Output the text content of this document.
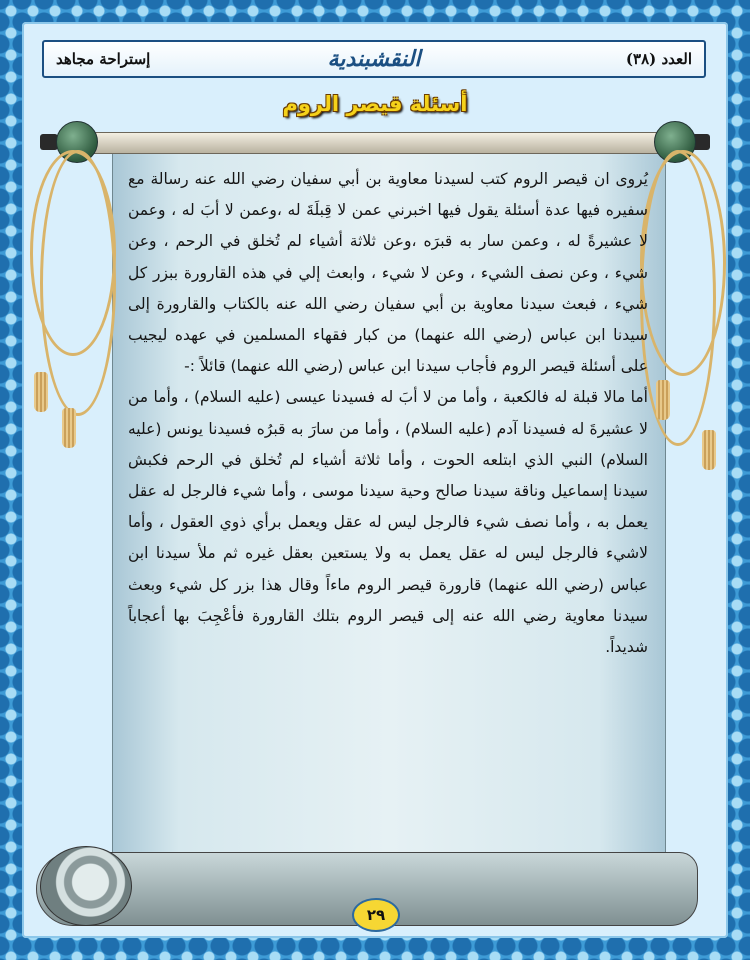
إستراحة مجاهد	النقشبندية	العدد (٣٨)
أسئلة قيصر الروم

يُروى ان قيصر الروم كتب لسيدنا معاوية بن أبي سفيان رضي الله عنه رسالة مع سفيره فيها عدة أسئلة يقول فيها اخبرني عمن لا قِبلَةَ له ،وعمن لا أبَ له ، وعمن لا عشيرةً له ، وعمن سار به قبرَه ،وعن ثلاثة أشياء لم تُخلق في الرحم ، وعن شيء ، وعن نصف الشيء ، وعن لا شيء ، وابعث إلي في هذه القارورة ببزر كل شيء ، فبعث سيدنا معاوية بن أبي سفيان رضي الله عنه بالكتاب والقارورة إلى سيدنا ابن عباس (رضي الله عنهما) من كبار فقهاء المسلمين في عهده ليجيب على أسئلة قيصر الروم فأجاب سيدنا ابن عباس (رضي الله عنهما) قائلاً :-

أما مالا قبلة له فالكعبة ، وأما من لا أبَ له فسيدنا عيسى (عليه السلام) ، وأما من لا عشيرةَ له فسيدنا آدم (عليه السلام) ، وأما من سارَ به قبرُه فسيدنا يونس (عليه السلام) النبي الذي ابتلعه الحوت ، وأما ثلاثة أشياء لم تُخلق في الرحم فكبش سيدنا إسماعيل وناقة سيدنا صالح وحية سيدنا موسى ، وأما شيء فالرجل له عقل يعمل به ، وأما نصف شيء فالرجل ليس له عقل ويعمل برأي ذوي العقول ، وأما لاشيء فالرجل ليس له عقل يعمل به ولا يستعين بعقل غيره ثم ملأ سيدنا ابن عباس (رضي الله عنهما) قارورة قيصر الروم ماءاً وقال هذا بزر كل شيء وبعث سيدنا معاوية رضي الله عنه إلى قيصر الروم بتلك القارورة فأعْجِبَ بها أعجاباً شديداً.

٢٩
